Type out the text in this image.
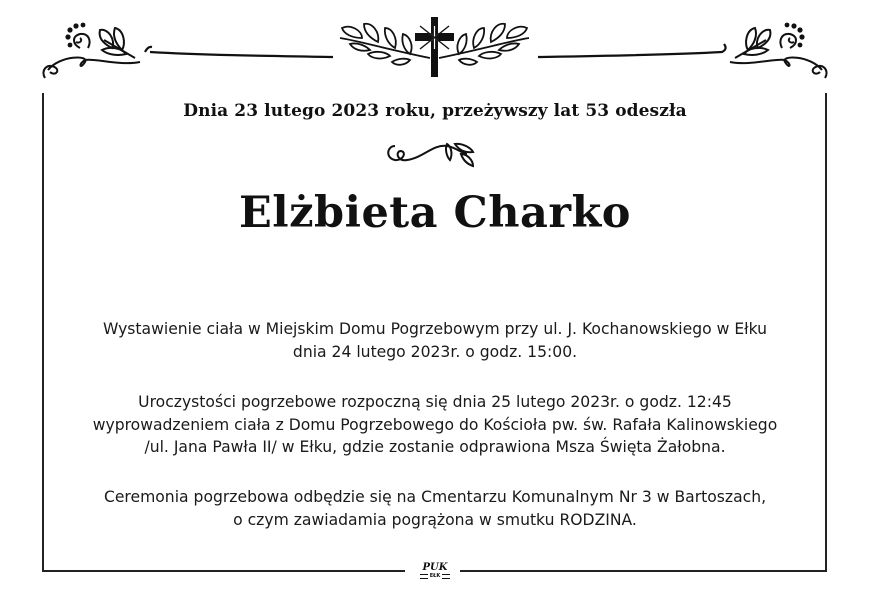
Dnia 23 lutego 2023 roku, przeżywszy lat 53 odeszła
Elżbieta Charko
Wystawienie ciała w Miejskim Domu Pogrzebowym przy ul. J. Kochanowskiego w Ełku
dnia 24 lutego 2023r. o godz. 15:00.
Uroczystości pogrzebowe rozpoczną się dnia 25 lutego 2023r. o godz. 12:45
wyprowadzeniem ciała z Domu Pogrzebowego do Kościoła pw. św. Rafała Kalinowskiego
/ul. Jana Pawła II/ w Ełku, gdzie zostanie odprawiona Msza Święta Żałobna.
Ceremonia pogrzebowa odbędzie się na Cmentarzu Komunalnym Nr 3 w Bartoszach,
o czym zawiadamia pogrążona w smutku RODZINA.
PUK
EŁK
